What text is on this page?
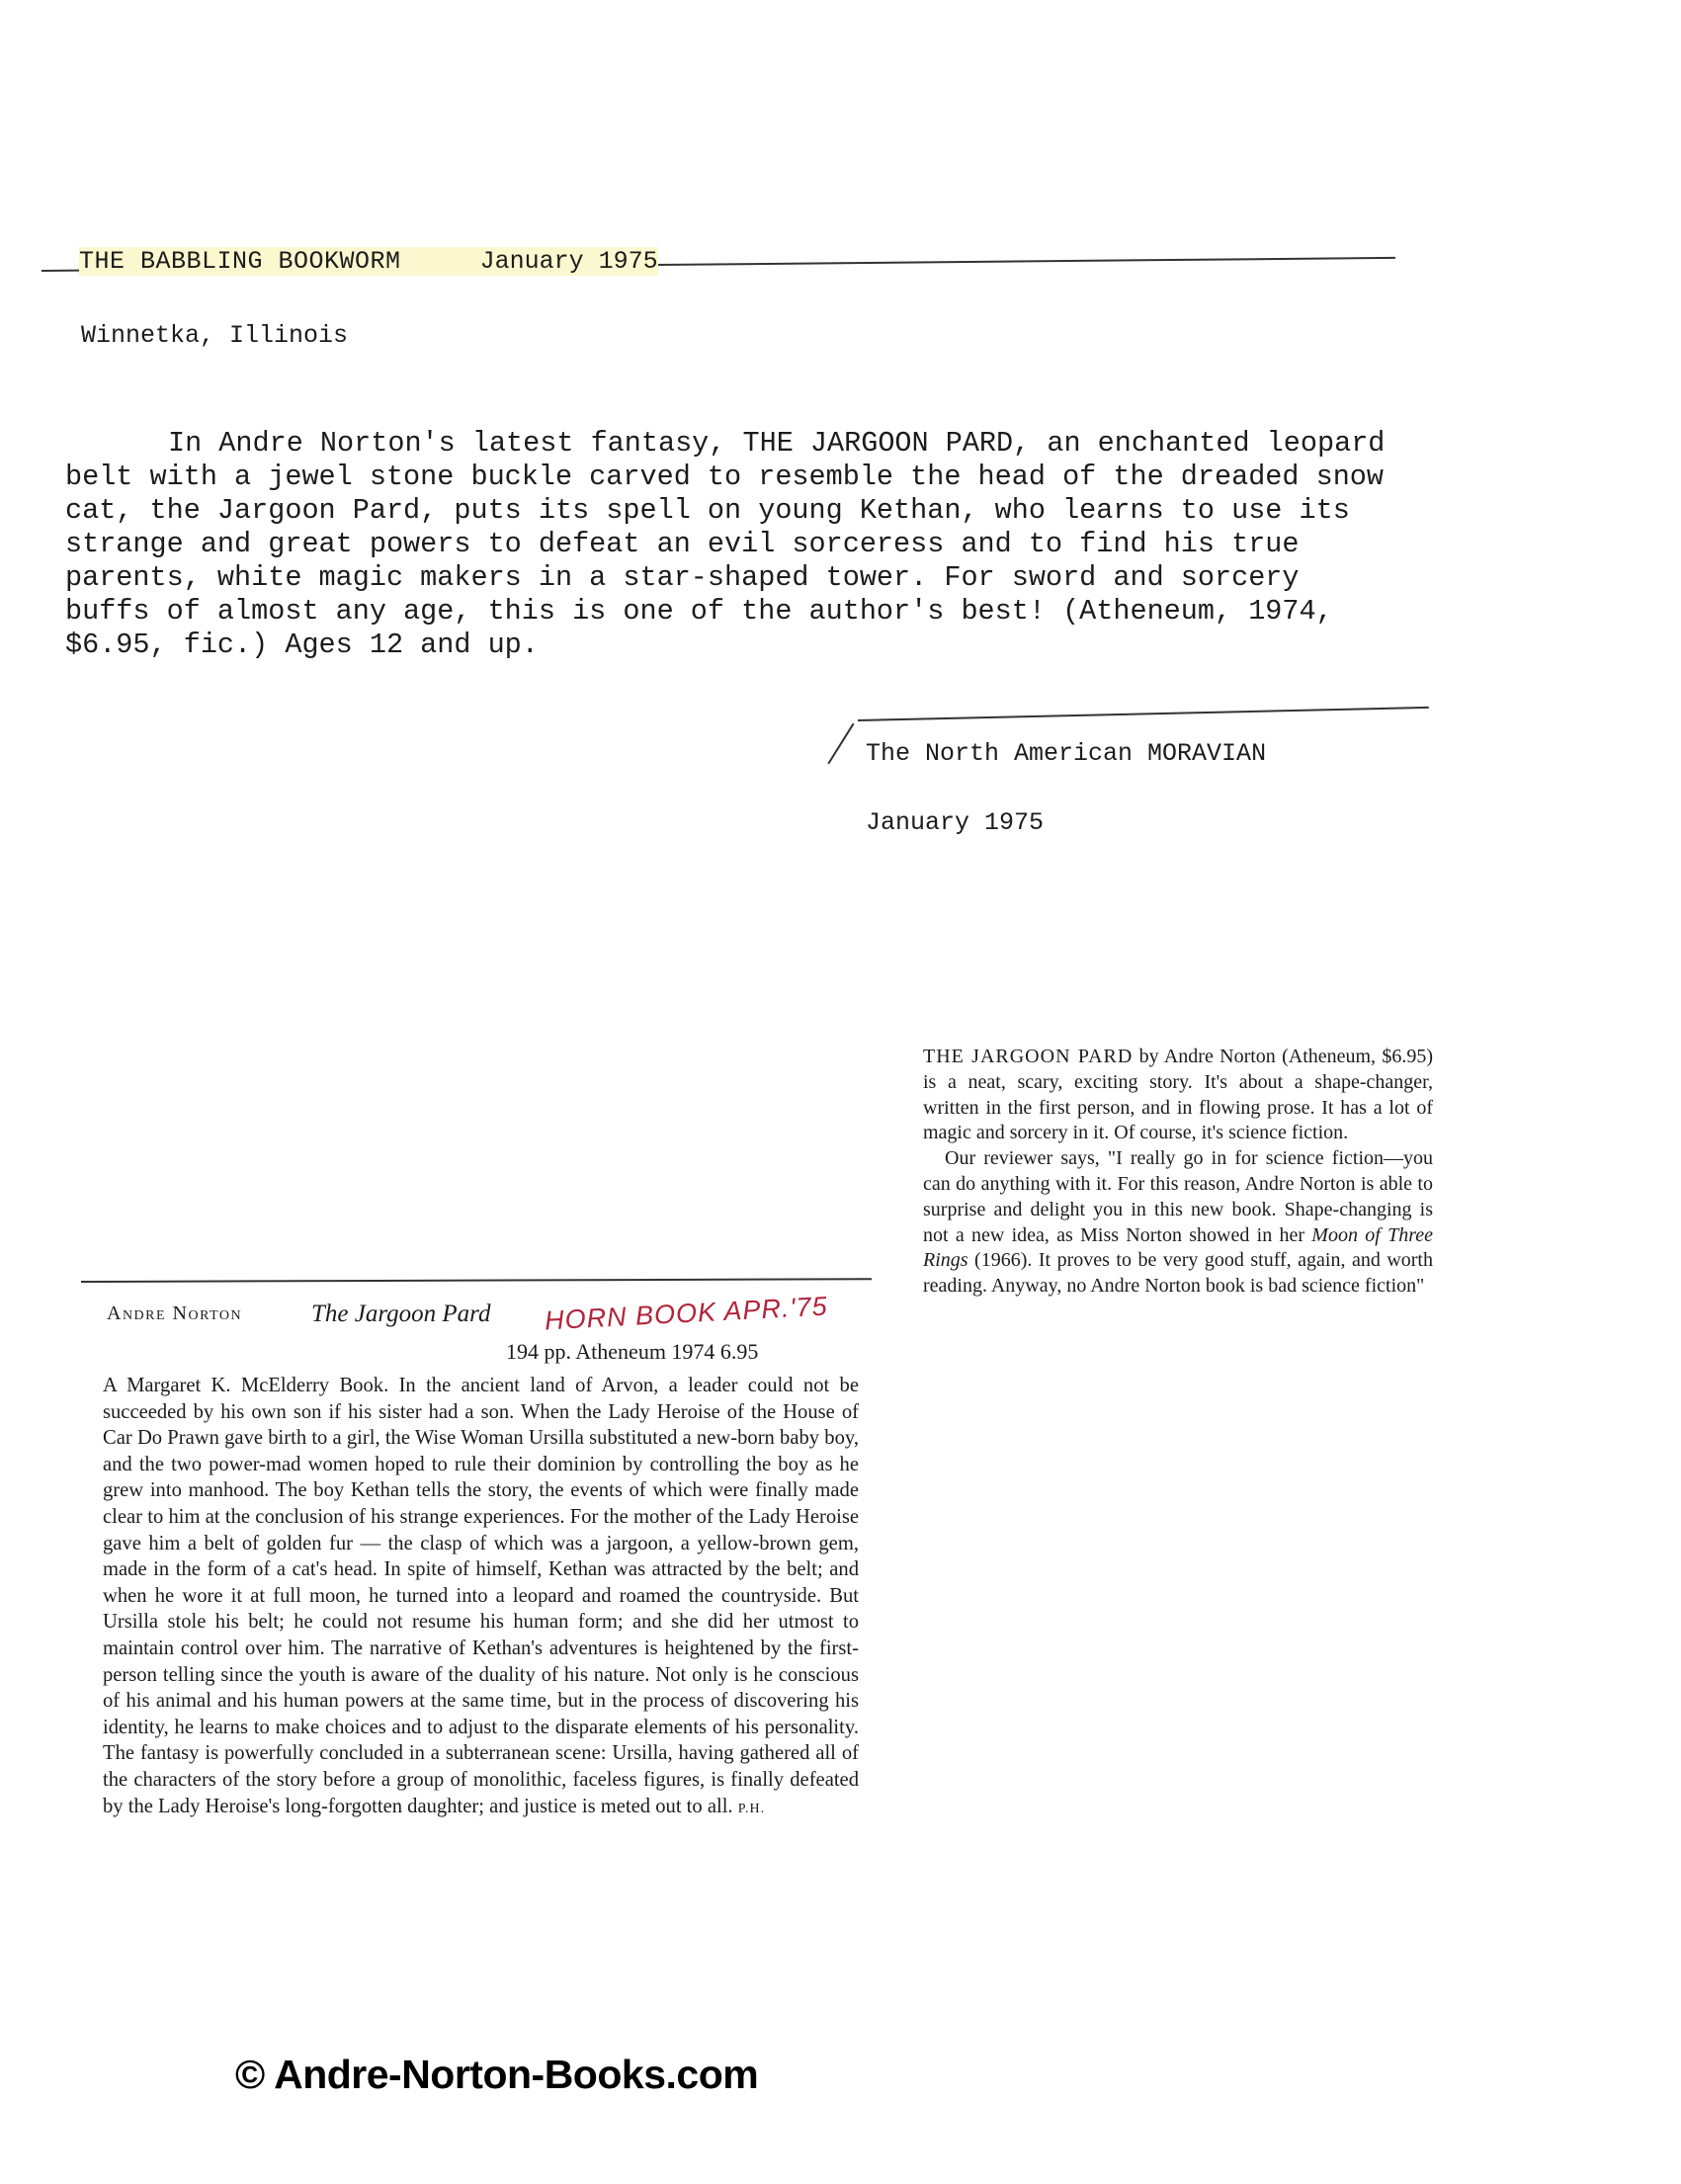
THE BABBLING BOOKWORM	January 1975
Winnetka, Illinois
In Andre Norton's latest fantasy, THE JARGOON PARD, an enchanted leopard belt with a jewel stone buckle carved to resemble the head of the dreaded snow cat, the Jargoon Pard, puts its spell on young Kethan, who learns to use its strange and great powers to defeat an evil sorceress and to find his true parents, white magic makers in a star-shaped tower. For sword and sorcery buffs of almost any age, this is one of the author's best! (Atheneum, 1974, $6.95, fic.) Ages 12 and up.
The North American MORAVIAN
January 1975

THE JARGOON PARD by Andre Norton (Atheneum, $6.95) is a neat, scary, exciting story. It's about a shape-changer, written in the first person, and in flowing prose. It has a lot of magic and sorcery in it. Of course, it's science fiction.

Our reviewer says, "I really go in for science fiction—you can do anything with it. For this reason, Andre Norton is able to surprise and delight you in this new book. Shape-changing is not a new idea, as Miss Norton showed in her Moon of Three Rings (1966). It proves to be very good stuff, again, and worth reading. Anyway, no Andre Norton book is bad science fiction"

Andre Norton	The Jargoon Pard HORN BOOK APR.'75
194 pp. Atheneum 1974 6.95
A Margaret K. McElderry Book. In the ancient land of Arvon, a leader could not be succeeded by his own son if his sister had a son. When the Lady Heroise of the House of Car Do Prawn gave birth to a girl, the Wise Woman Ursilla substituted a new-born baby boy, and the two power-mad women hoped to rule their dominion by controlling the boy as he grew into manhood. The boy Kethan tells the story, the events of which were finally made clear to him at the conclusion of his strange experiences. For the mother of the Lady Heroise gave him a belt of golden fur — the clasp of which was a jargoon, a yellow-brown gem, made in the form of a cat's head. In spite of himself, Kethan was attracted by the belt; and when he wore it at full moon, he turned into a leopard and roamed the countryside. But Ursilla stole his belt; he could not resume his human form; and she did her utmost to maintain control over him. The narrative of Kethan's adventures is heightened by the first-person telling since the youth is aware of the duality of his nature. Not only is he conscious of his animal and his human powers at the same time, but in the process of discovering his identity, he learns to make choices and to adjust to the disparate elements of his personality. The fantasy is powerfully concluded in a subterranean scene: Ursilla, having gathered all of the characters of the story before a group of monolithic, faceless figures, is finally defeated by the Lady Heroise's long-forgotten daughter; and justice is meted out to all. P.H.
© Andre-Norton-Books.com
